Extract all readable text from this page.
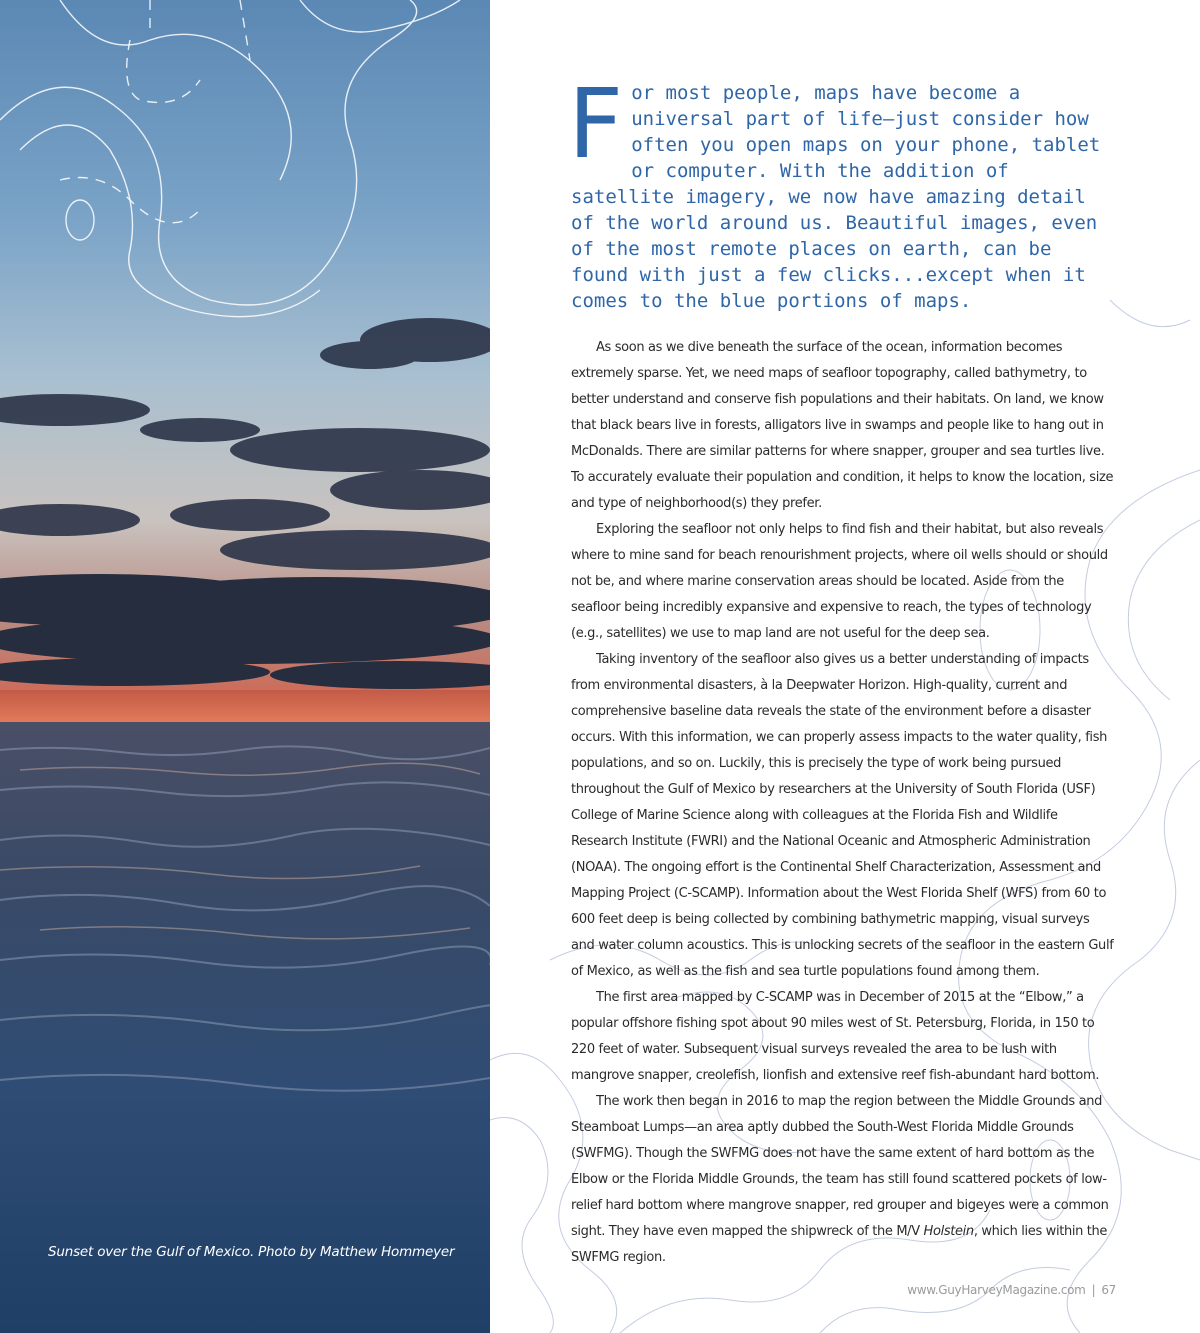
Sunset over the Gulf of Mexico. Photo by Matthew Hommeyer

F or most people, maps have become a universal part of life—just consider how often you open maps on your phone, tablet or computer. With the addition of satellite imagery, we now have amazing detail of the world around us. Beautiful images, even of the most remote places on earth, can be found with just a few clicks...except when it comes to the blue portions of maps.

As soon as we dive beneath the surface of the ocean, information becomes extremely sparse. Yet, we need maps of seafloor topography, called bathymetry, to better understand and conserve fish populations and their habitats. On land, we know that black bears live in forests, alligators live in swamps and people like to hang out in McDonalds. There are similar patterns for where snapper, grouper and sea turtles live. To accurately evaluate their population and condition, it helps to know the location, size and type of neighborhood(s) they prefer.

Exploring the seafloor not only helps to find fish and their habitat, but also reveals where to mine sand for beach renourishment projects, where oil wells should or should not be, and where marine conservation areas should be located. Aside from the seafloor being incredibly expansive and expensive to reach, the types of technology (e.g., satellites) we use to map land are not useful for the deep sea.

Taking inventory of the seafloor also gives us a better understanding of impacts from environmental disasters, à la Deepwater Horizon. High-quality, current and comprehensive baseline data reveals the state of the environment before a disaster occurs. With this information, we can properly assess impacts to the water quality, fish populations, and so on. Luckily, this is precisely the type of work being pursued throughout the Gulf of Mexico by researchers at the University of South Florida (USF) College of Marine Science along with colleagues at the Florida Fish and Wildlife Research Institute (FWRI) and the National Oceanic and Atmospheric Administration (NOAA). The ongoing effort is the Continental Shelf Characterization, Assessment and Mapping Project (C-SCAMP). Information about the West Florida Shelf (WFS) from 60 to 600 feet deep is being collected by combining bathymetric mapping, visual surveys and water column acoustics. This is unlocking secrets of the seafloor in the eastern Gulf of Mexico, as well as the fish and sea turtle populations found among them.

The first area mapped by C-SCAMP was in December of 2015 at the “Elbow,” a popular offshore fishing spot about 90 miles west of St. Petersburg, Florida, in 150 to 220 feet of water. Subsequent visual surveys revealed the area to be lush with mangrove snapper, creolefish, lionfish and extensive reef fish-abundant hard bottom.

The work then began in 2016 to map the region between the Middle Grounds and Steamboat Lumps—an area aptly dubbed the South-West Florida Middle Grounds (SWFMG). Though the SWFMG does not have the same extent of hard bottom as the Elbow or the Florida Middle Grounds, the team has still found scattered pockets of low-relief hard bottom where mangrove snapper, red grouper and bigeyes were a common sight. They have even mapped the shipwreck of the M/V Holstein, which lies within the SWFMG region.

www.GuyHarveyMagazine.com | 67
